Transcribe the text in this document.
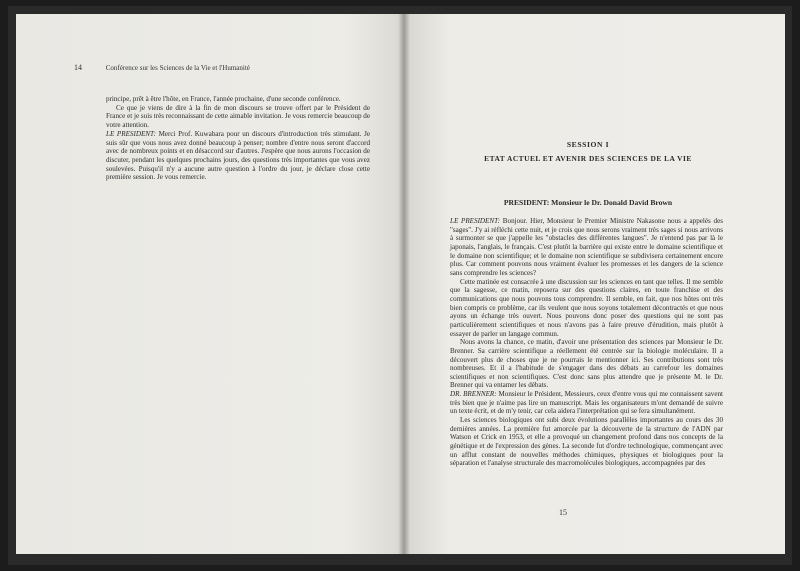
14	Conférence sur les Sciences de la Vie et l'Humanité

principe, prêt à être l'hôte, en France, l'année prochaine, d'une seconde conférence.

Ce que je viens de dire à la fin de mon discours se trouve offert par le Président de France et je suis très reconnaissant de cette aimable invitation. Je vous remercie beaucoup de votre attention.

LE PRESIDENT: Merci Prof. Kuwabara pour un discours d'introduction très stimulant. Je suis sûr que vous nous avez donné beaucoup à penser; nombre d'entre nous seront d'accord avec de nombreux points et en désaccord sur d'autres. J'espère que nous aurons l'occasion de discuter, pendant les quelques prochains jours, des questions très importantes que vous avez soulevées. Puisqu'il n'y a aucune autre question à l'ordre du jour, je déclare close cette première session. Je vous remercie.

SESSION I
ETAT ACTUEL ET AVENIR DES SCIENCES DE LA VIE
PRESIDENT: Monsieur le Dr. Donald David Brown

LE PRESIDENT: Bonjour. Hier, Monsieur le Premier Ministre Nakasone nous a appelés des "sages". J'y ai réfléchi cette nuit, et je crois que nous serons vraiment très sages si nous arrivons à surmonter se que j'appelle les "obstacles des différentes langues". Je n'entend pas par là le japonais, l'anglais, le français. C'est plutôt la barrière qui existe entre le domaine scientifique et le domaine non scientifique; et le domaine non scientifique se subdivisera certainement encore plus. Car comment pouvons nous vraiment évaluer les promesses et les dangers de la science sans comprendre les sciences?

Cette matinée est consacrée à une discussion sur les sciences en tant que telles. Il me semble que la sagesse, ce matin, reposera sur des questions claires, en toute franchise et des communications que nous pouvons tous comprendre. Il semble, en fait, que nos hôtes ont très bien compris ce problème, car ils veulent que nous soyons totalement décontractés et que nous ayons un échange très ouvert. Nous pouvons donc poser des questions qui ne sont pas particulièrement scientifiques et nous n'avons pas à faire preuve d'érudition, mais plutôt à essayer de parler un langage commun.

Nous avons la chance, ce matin, d'avoir une présentation des sciences par Monsieur le Dr. Brenner. Sa carrière scientifique a réellement été centrée sur la biologie moléculaire. Il a découvert plus de choses que je ne pourrais le mentionner ici. Ses contributions sont très nombreuses. Et il a l'habitude de s'engager dans des débats au carrefour les domaines scientifiques et non scientifiques. C'est donc sans plus attendre que je présente M. le Dr. Brenner qui va entamer les débats.

DR. BRENNER: Monsieur le Président, Messieurs, ceux d'entre vous qui me connaissent savent très bien que je n'aime pas lire un manuscript. Mais les organisateurs m'ont demandé de suivre un texte écrit, et de m'y tenir, car cela aidera l'interprétation qui se fera simultanément.

Les sciences biologiques ont subi deux évolutions parallèles importantes au cours des 30 dernières années. La première fut amorcée par la découverte de la structure de l'ADN par Watson et Crick en 1953, et elle a provoqué un changement profond dans nos concepts de la génétique et de l'expression des gènes. La seconde fut d'ordre technologique, commençant avec un afflut constant de nouvelles méthodes chimiques, physiques et biologiques pour la séparation et l'analyse structurale des macromolécules biologiques, accompagnées par des

15
